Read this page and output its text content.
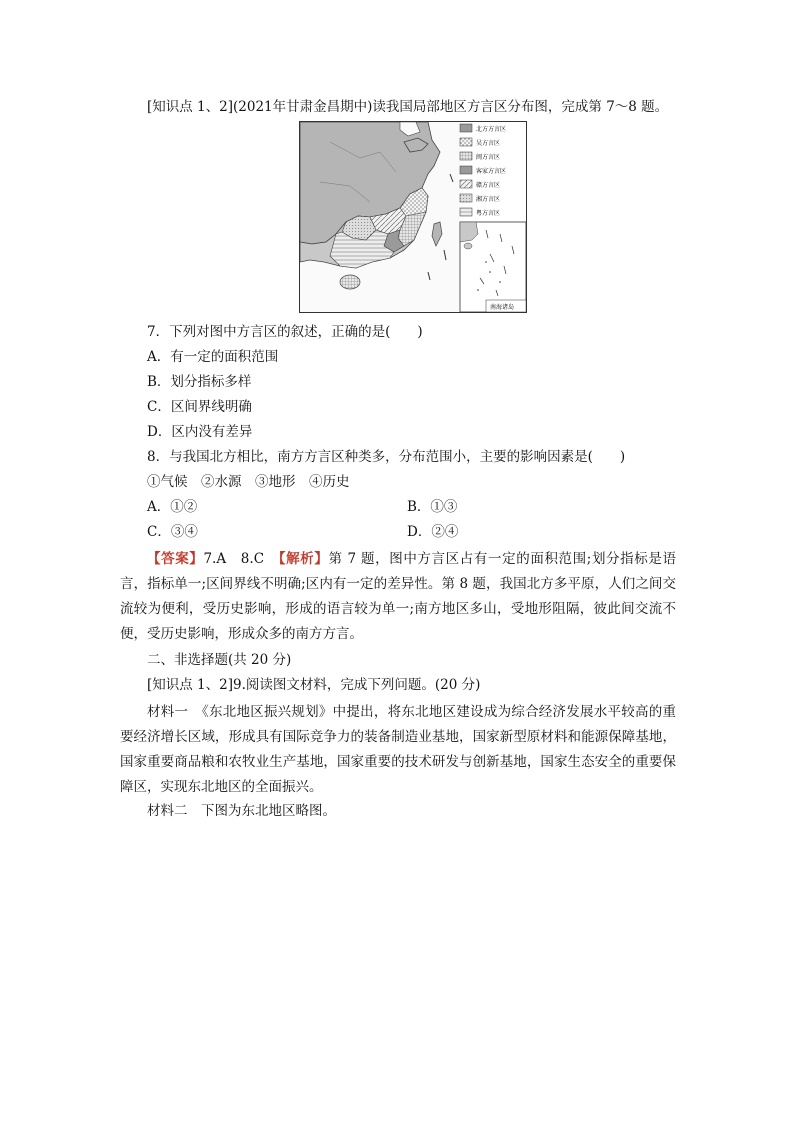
[知识点 1、2](2021年甘肃金昌期中)读我国局部地区方言区分布图，完成第 7～8 题。
北方方言区
吴方言区
闽方言区
客家方言区
赣方言区
湘方言区
粤方言区
南海诸岛
7．下列对图中方言区的叙述，正确的是(　　)
A．有一定的面积范围
B．划分指标多样
C．区间界线明确
D．区内没有差异
8．与我国北方相比，南方方言区种类多，分布范围小，主要的影响因素是(　　)
①气候　②水源　③地形　④历史
A．①②	B．①③
C．③④	D．②④
【答案】7.A　8.C　 【解析】第 7 题，图中方言区占有一定的面积范围;划分指标是语言，指标单一;区间界线不明确;区内有一定的差异性。第 8 题，我国北方多平原，人们之间交流较为便利，受历史影响，形成的语言较为单一;南方地区多山，受地形阻隔，彼此间交流不便，受历史影响，形成众多的南方方言。
二、非选择题(共 20 分)
[知识点 1、2]9.阅读图文材料，完成下列问题。(20 分)
材料一　《东北地区振兴规划》中提出，将东北地区建设成为综合经济发展水平较高的重要经济增长区域，形成具有国际竞争力的装备制造业基地，国家新型原材料和能源保障基地，国家重要商品粮和农牧业生产基地，国家重要的技术研发与创新基地，国家生态安全的重要保障区，实现东北地区的全面振兴。
材料二　下图为东北地区略图。
